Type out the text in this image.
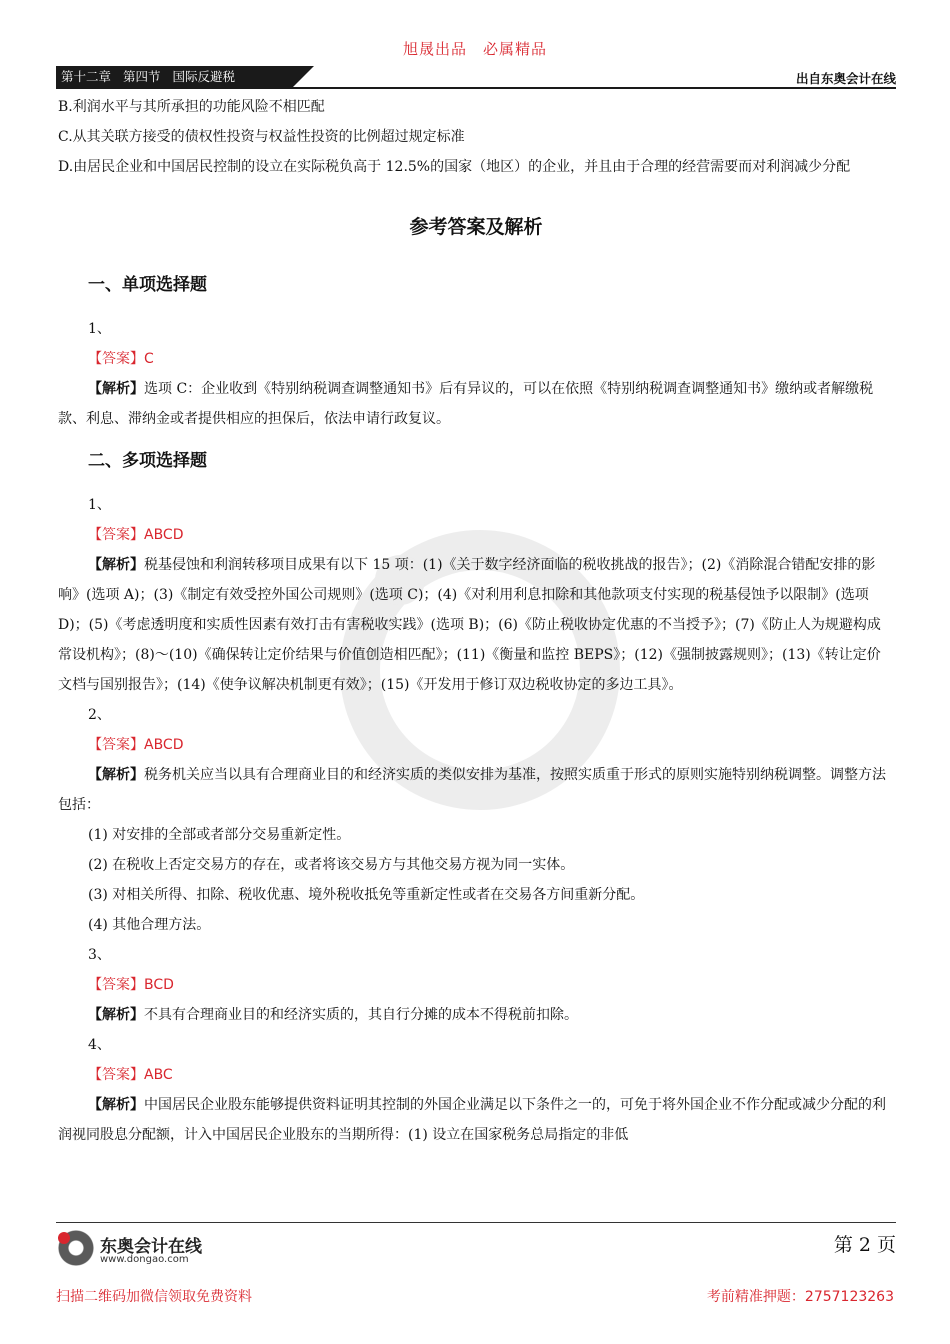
旭晟出品 必属精品
第十二章 第四节 国际反避税	出自东奥会计在线
B.利润水平与其所承担的功能风险不相匹配
C.从其关联方接受的债权性投资与权益性投资的比例超过规定标准
D.由居民企业和中国居民控制的设立在实际税负高于 12.5%的国家（地区）的企业，并且由于合理的经营需要而对利润减少分配
参考答案及解析
一、单项选择题
1、
【答案】C
【解析】选项 C：企业收到《特别纳税调查调整通知书》后有异议的，可以在依照《特别纳税调查调整通知书》缴纳或者解缴税款、利息、滞纳金或者提供相应的担保后，依法申请行政复议。
二、多项选择题
1、
【答案】ABCD
【解析】税基侵蚀和利润转移项目成果有以下 15 项：(1)《关于数字经济面临的税收挑战的报告》；(2)《消除混合错配安排的影响》(选项 A)；(3)《制定有效受控外国公司规则》(选项 C)；(4)《对利用利息扣除和其他款项支付实现的税基侵蚀予以限制》(选项 D)；(5)《考虑透明度和实质性因素有效打击有害税收实践》(选项 B)；(6)《防止税收协定优惠的不当授予》；(7)《防止人为规避构成常设机构》；(8)～(10)《确保转让定价结果与价值创造相匹配》；(11)《衡量和监控 BEPS》；(12)《强制披露规则》；(13)《转让定价文档与国别报告》；(14)《使争议解决机制更有效》；(15)《开发用于修订双边税收协定的多边工具》。
2、
【答案】ABCD
【解析】税务机关应当以具有合理商业目的和经济实质的类似安排为基准，按照实质重于形式的原则实施特别纳税调整。调整方法包括：
(1) 对安排的全部或者部分交易重新定性。
(2) 在税收上否定交易方的存在，或者将该交易方与其他交易方视为同一实体。
(3) 对相关所得、扣除、税收优惠、境外税收抵免等重新定性或者在交易各方间重新分配。
(4) 其他合理方法。
3、
【答案】BCD
【解析】不具有合理商业目的和经济实质的，其自行分摊的成本不得税前扣除。
4、
【答案】ABC
【解析】中国居民企业股东能够提供资料证明其控制的外国企业满足以下条件之一的，可免于将外国企业不作分配或减少分配的利润视同股息分配额，计入中国居民企业股东的当期所得：(1) 设立在国家税务总局指定的非低
东奥会计在线
www.dongao.com
第 2 页
扫描二维码加微信领取免费资料	考前精准押题：2757123263
